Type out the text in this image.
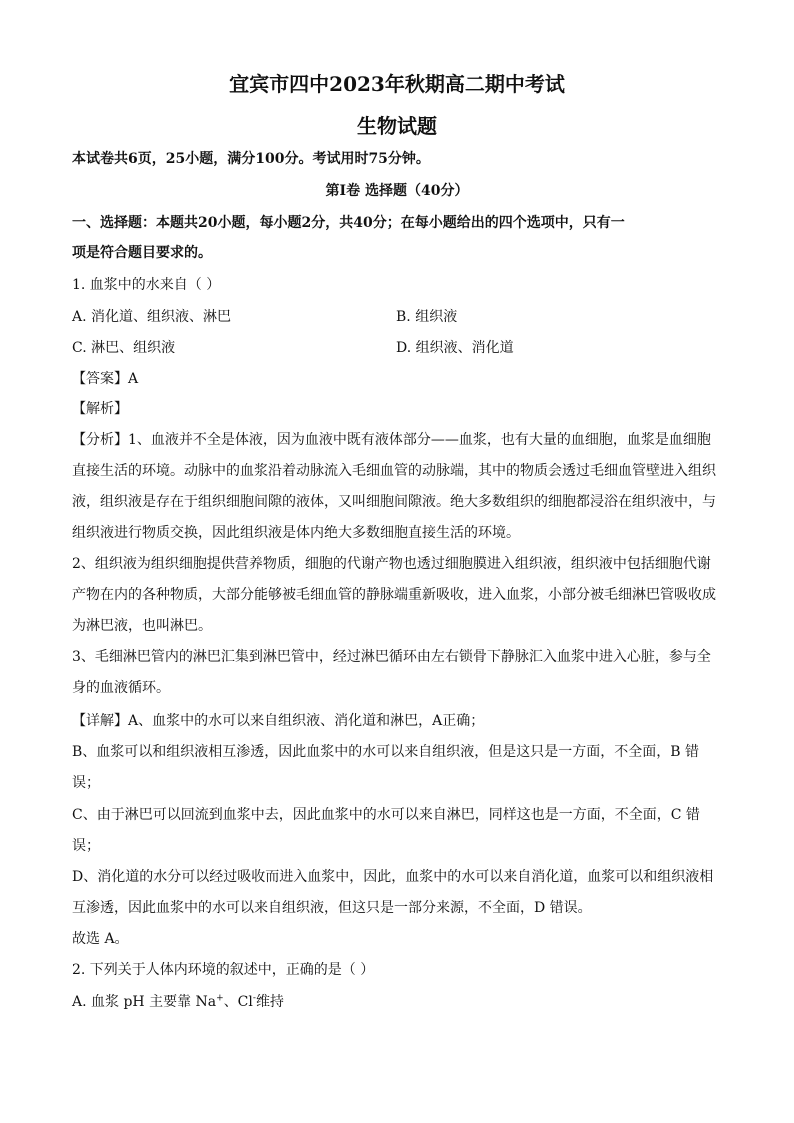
宜宾市四中2023年秋期高二期中考试
生物试题
本试卷共6页，25小题，满分100分。考试用时75分钟。
第Ⅰ卷 选择题（40分）
一、选择题：本题共20小题，每小题2分，共40分；在每小题给出的四个选项中，只有一
项是符合题目要求的。
1. 血浆中的水来自（ ）
A. 消化道、组织液、淋巴	B. 组织液
C. 淋巴、组织液	D. 组织液、消化道
【答案】A
【解析】
【分析】1、血液并不全是体液，因为血液中既有液体部分——血浆，也有大量的血细胞，血浆是血细胞
直接生活的环境。动脉中的血浆沿着动脉流入毛细血管的动脉端，其中的物质会透过毛细血管壁进入组织
液，组织液是存在于组织细胞间隙的液体，又叫细胞间隙液。绝大多数组织的细胞都浸浴在组织液中，与
组织液进行物质交换，因此组织液是体内绝大多数细胞直接生活的环境。
2、组织液为组织细胞提供营养物质，细胞的代谢产物也透过细胞膜进入组织液，组织液中包括细胞代谢
产物在内的各种物质，大部分能够被毛细血管的静脉端重新吸收，进入血浆，小部分被毛细淋巴管吸收成
为淋巴液，也叫淋巴。
3、毛细淋巴管内的淋巴汇集到淋巴管中，经过淋巴循环由左右锁骨下静脉汇入血浆中进入心脏，参与全
身的血液循环。
【详解】A、血浆中的水可以来自组织液、消化道和淋巴，A正确；
B、血浆可以和组织液相互渗透，因此血浆中的水可以来自组织液，但是这只是一方面，不全面，B 错
误；
C、由于淋巴可以回流到血浆中去，因此血浆中的水可以来自淋巴，同样这也是一方面，不全面，C 错
误；
D、消化道的水分可以经过吸收而进入血浆中，因此，血浆中的水可以来自消化道，血浆可以和组织液相
互渗透，因此血浆中的水可以来自组织液，但这只是一部分来源，不全面，D 错误。
故选 A。
2. 下列关于人体内环境的叙述中，正确的是（ ）
A. 血浆 pH 主要靠 Na+、Cl-维持
